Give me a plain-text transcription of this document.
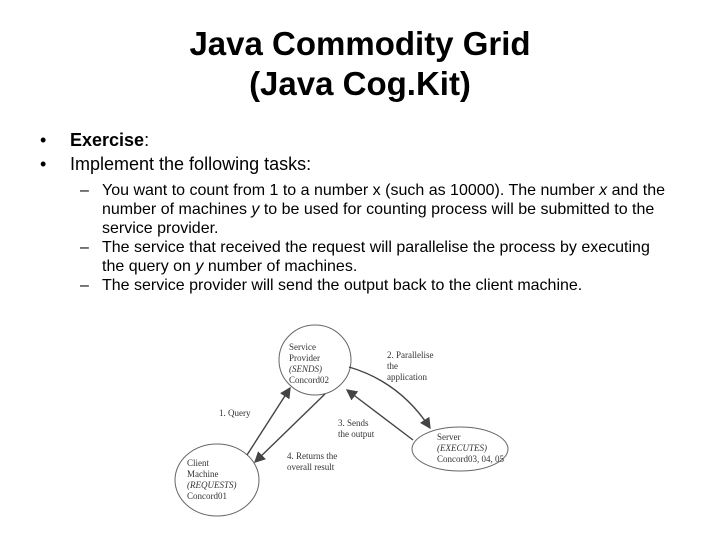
Java Commodity Grid
(Java Cog.Kit)
•	Exercise:
•	Implement the following tasks:
– You want to count from 1 to a number x (such as 10000). The number x and the number of machines y to be used for counting process will be submitted to the service provider.
– The service that received the request will parallelise the process by executing the query on y number of machines.
– The service provider will send the output back to the client machine.
Service
Provider
(SENDS)
Concord02
Client
Machine
(REQUESTS)
Concord01
Server
(EXECUTES)
Concord03, 04, 05
1. Query
2. Parallelise
the
application
3. Sends
the output
4. Returns the
overall result
